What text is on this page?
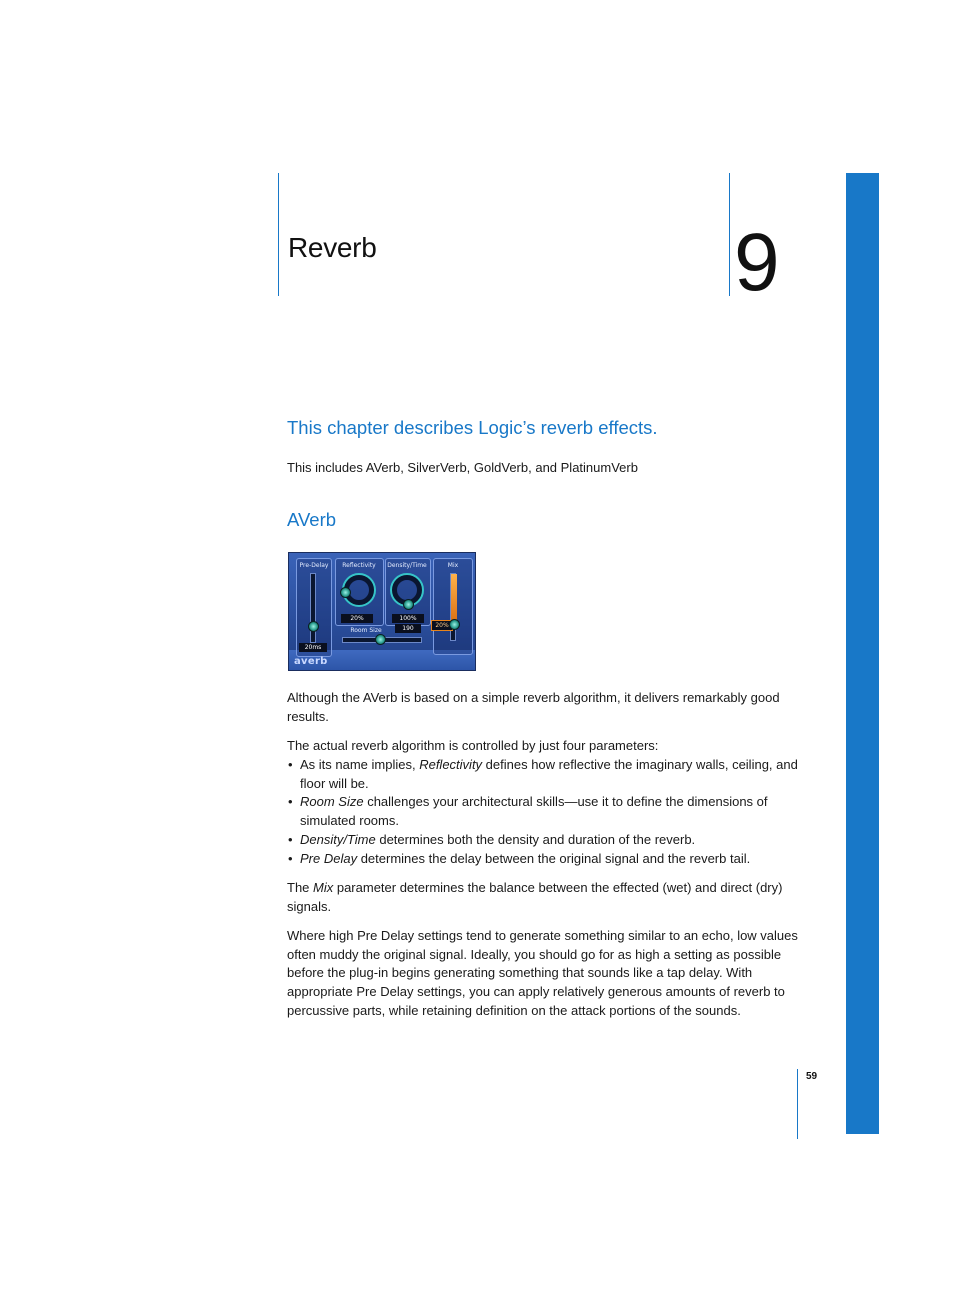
Reverb	9
This chapter describes Logic’s reverb effects.
This includes AVerb, SilverVerb, GoldVerb, and PlatinumVerb
AVerb
Pre-Delay
20ms
Reflectivity
20%
Density/Time
100%
Room Size	190
Mix
20%
averb
Although the AVerb is based on a simple reverb algorithm, it delivers remarkably good results.
The actual reverb algorithm is controlled by just four parameters:
• As its name implies, Reflectivity defines how reflective the imaginary walls, ceiling, and floor will be.
• Room Size challenges your architectural skills—use it to define the dimensions of simulated rooms.
• Density/Time determines both the density and duration of the reverb.
• Pre Delay determines the delay between the original signal and the reverb tail.
The Mix parameter determines the balance between the effected (wet) and direct (dry) signals.
Where high Pre Delay settings tend to generate something similar to an echo, low values often muddy the original signal. Ideally, you should go for as high a setting as possible before the plug-in begins generating something that sounds like a tap delay. With appropriate Pre Delay settings, you can apply relatively generous amounts of reverb to percussive parts, while retaining definition on the attack portions of the sounds.
59
